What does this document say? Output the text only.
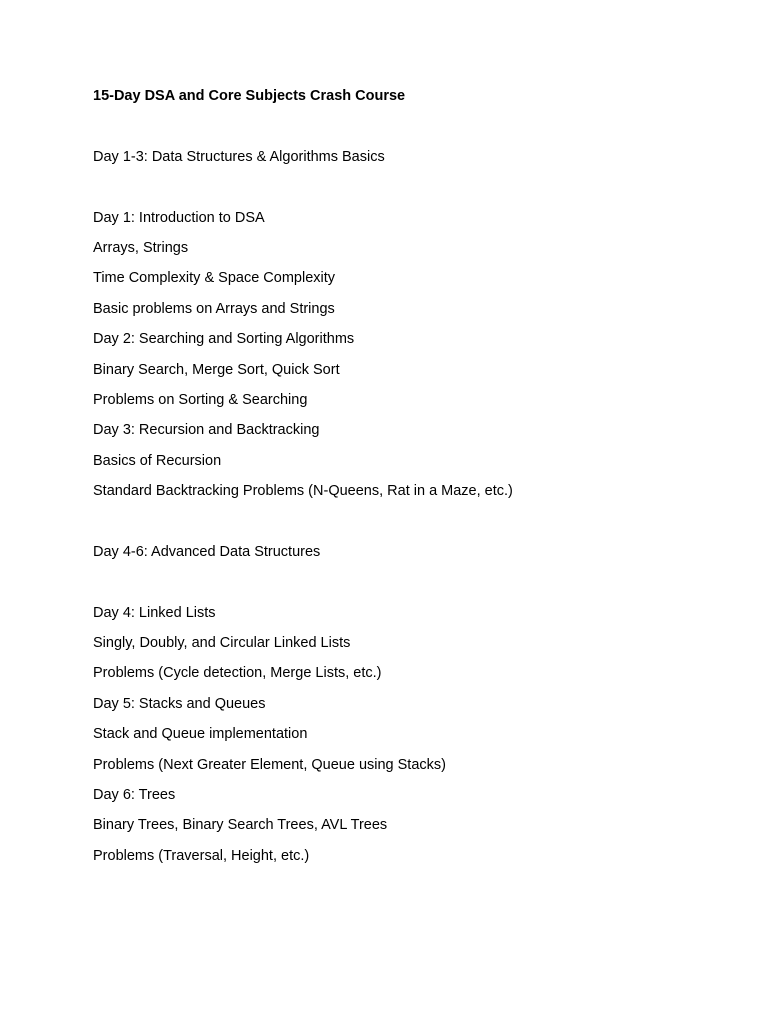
15-Day DSA and Core Subjects Crash Course
Day 1-3: Data Structures & Algorithms Basics
Day 1: Introduction to DSA
Arrays, Strings
Time Complexity & Space Complexity
Basic problems on Arrays and Strings
Day 2: Searching and Sorting Algorithms
Binary Search, Merge Sort, Quick Sort
Problems on Sorting & Searching
Day 3: Recursion and Backtracking
Basics of Recursion
Standard Backtracking Problems (N-Queens, Rat in a Maze, etc.)
Day 4-6: Advanced Data Structures
Day 4: Linked Lists
Singly, Doubly, and Circular Linked Lists
Problems (Cycle detection, Merge Lists, etc.)
Day 5: Stacks and Queues
Stack and Queue implementation
Problems (Next Greater Element, Queue using Stacks)
Day 6: Trees
Binary Trees, Binary Search Trees, AVL Trees
Problems (Traversal, Height, etc.)
